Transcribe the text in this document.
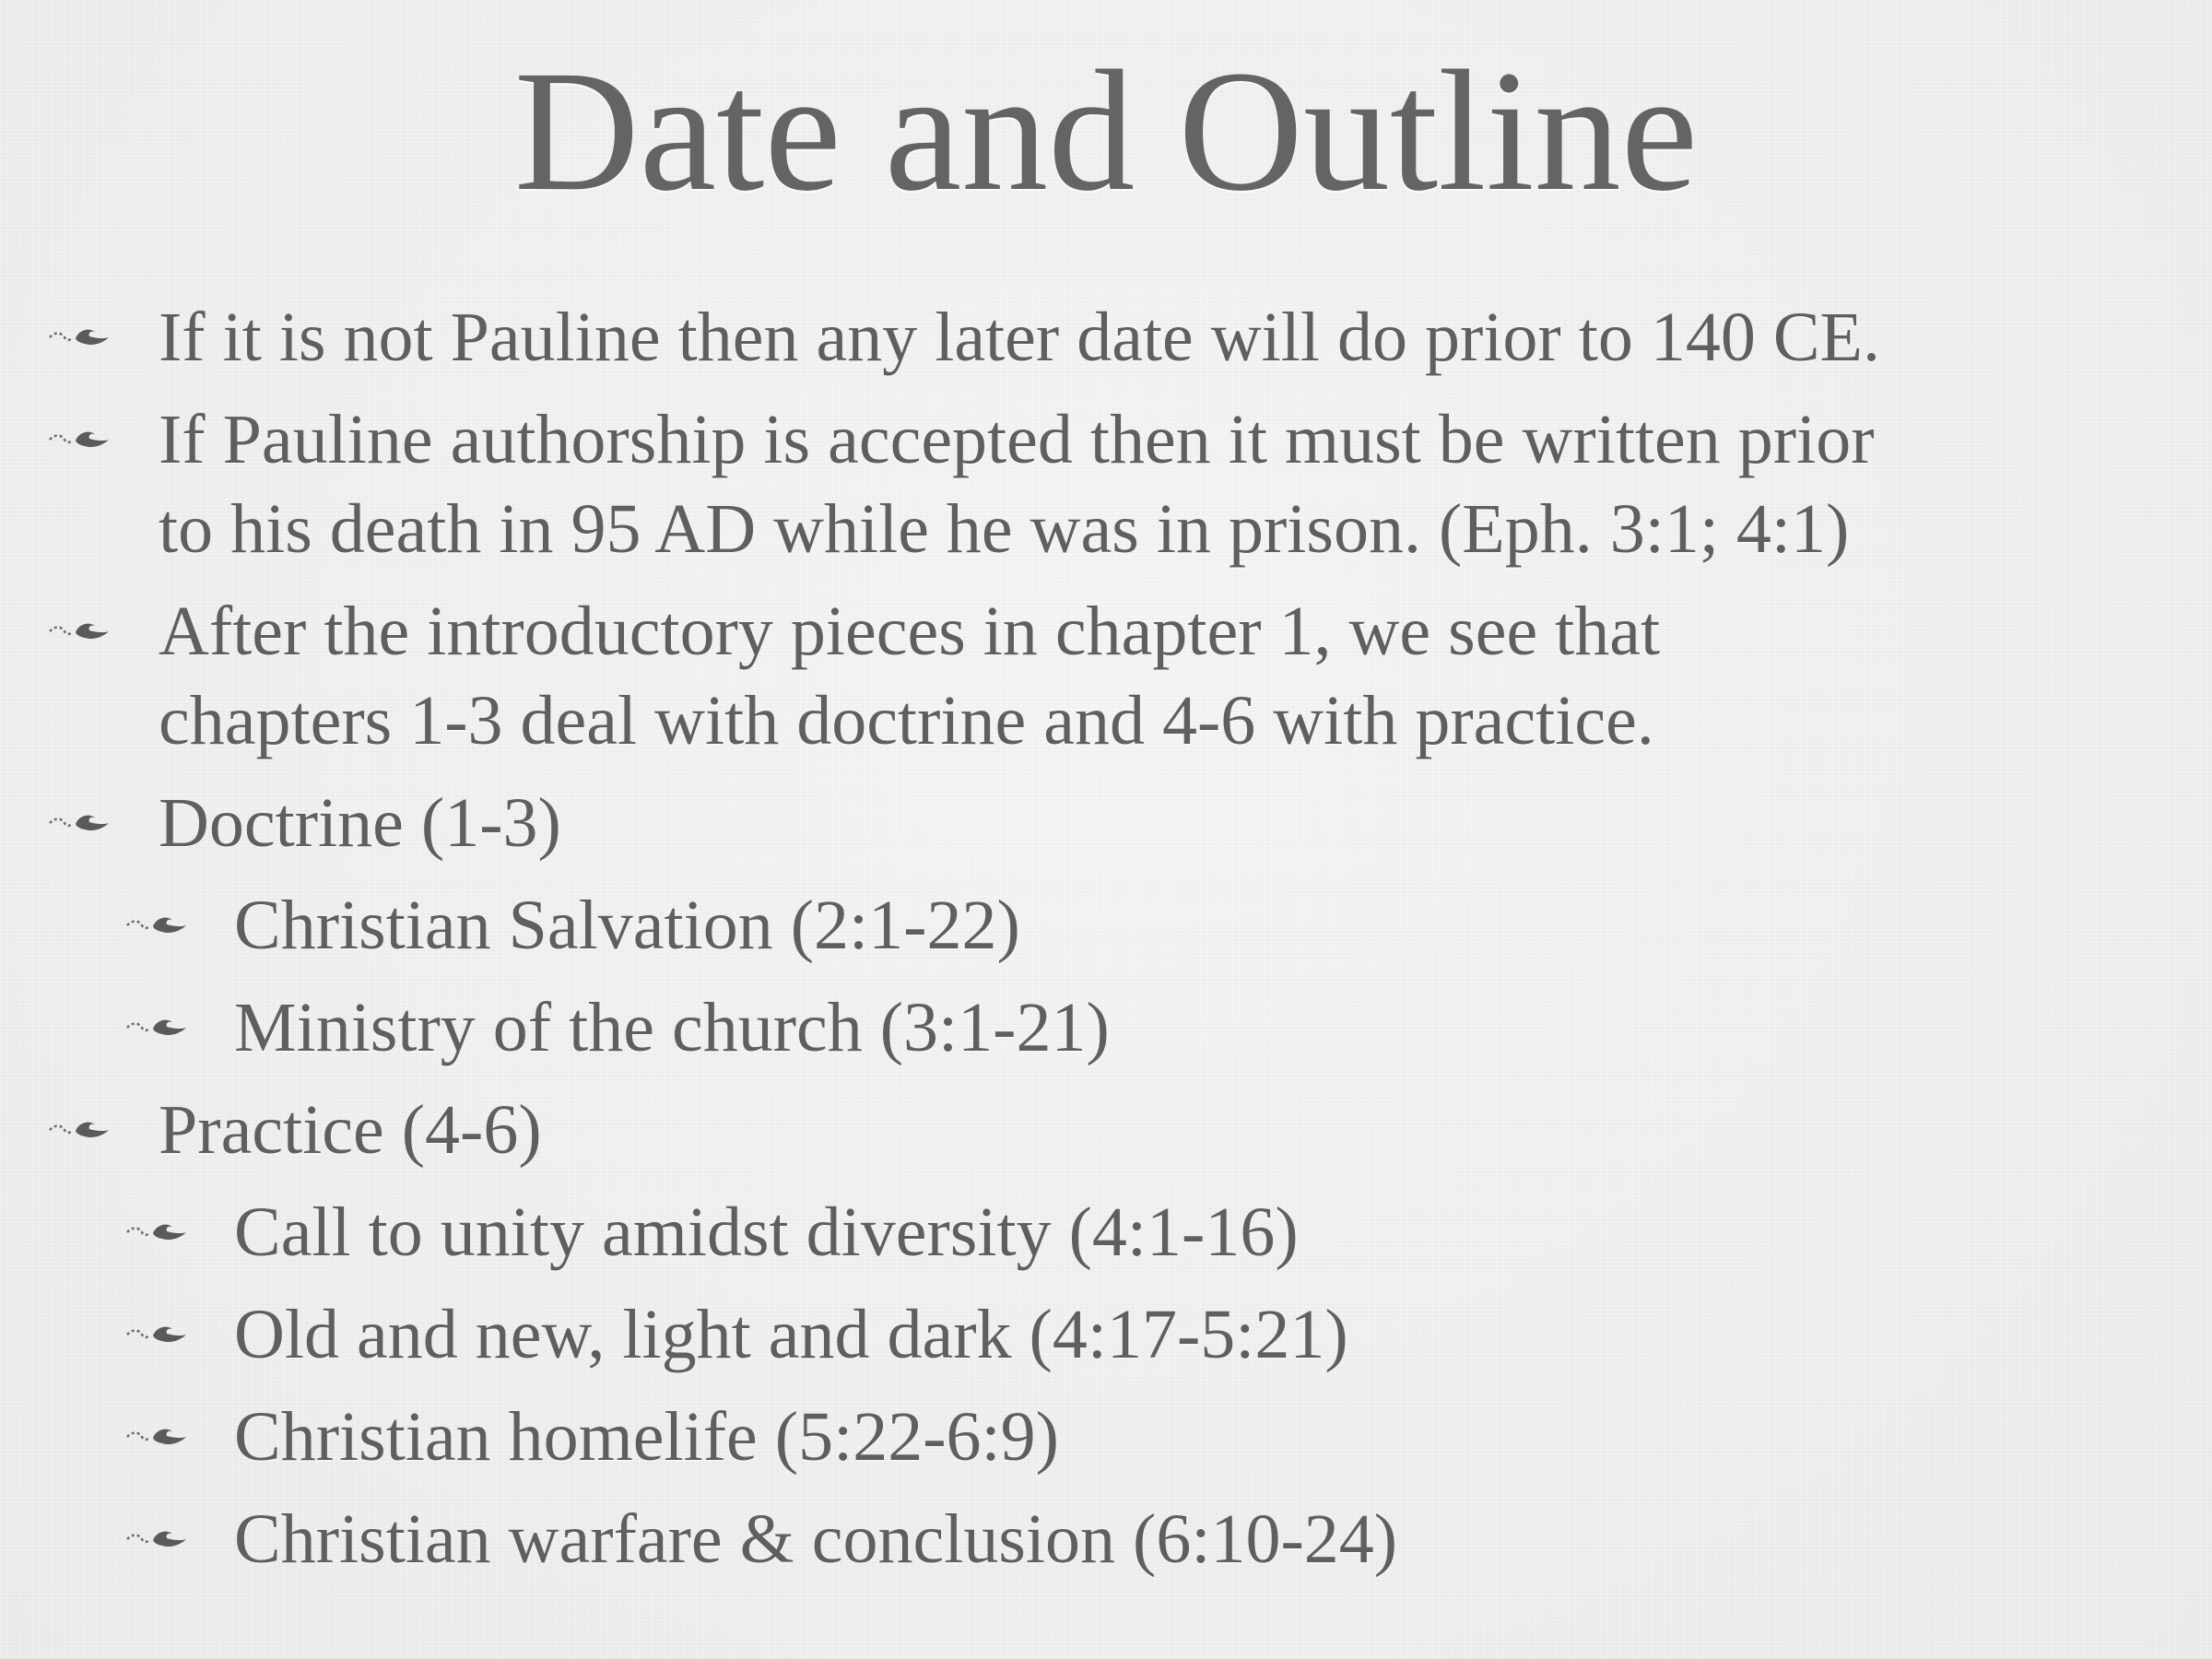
Date and Outline
If it is not Pauline then any later date will do prior to 140 CE.
If Pauline authorship is accepted then it must be written prior
to his death in 95 AD while he was in prison. (Eph. 3:1; 4:1)
After the introductory pieces in chapter 1, we see that
chapters 1-3 deal with doctrine and 4-6 with practice.
Doctrine (1-3)
Christian Salvation (2:1-22)
Ministry of the church (3:1-21)
Practice (4-6)
Call to unity amidst diversity (4:1-16)
Old and new, light and dark (4:17-5:21)
Christian homelife (5:22-6:9)
Christian warfare & conclusion (6:10-24)
